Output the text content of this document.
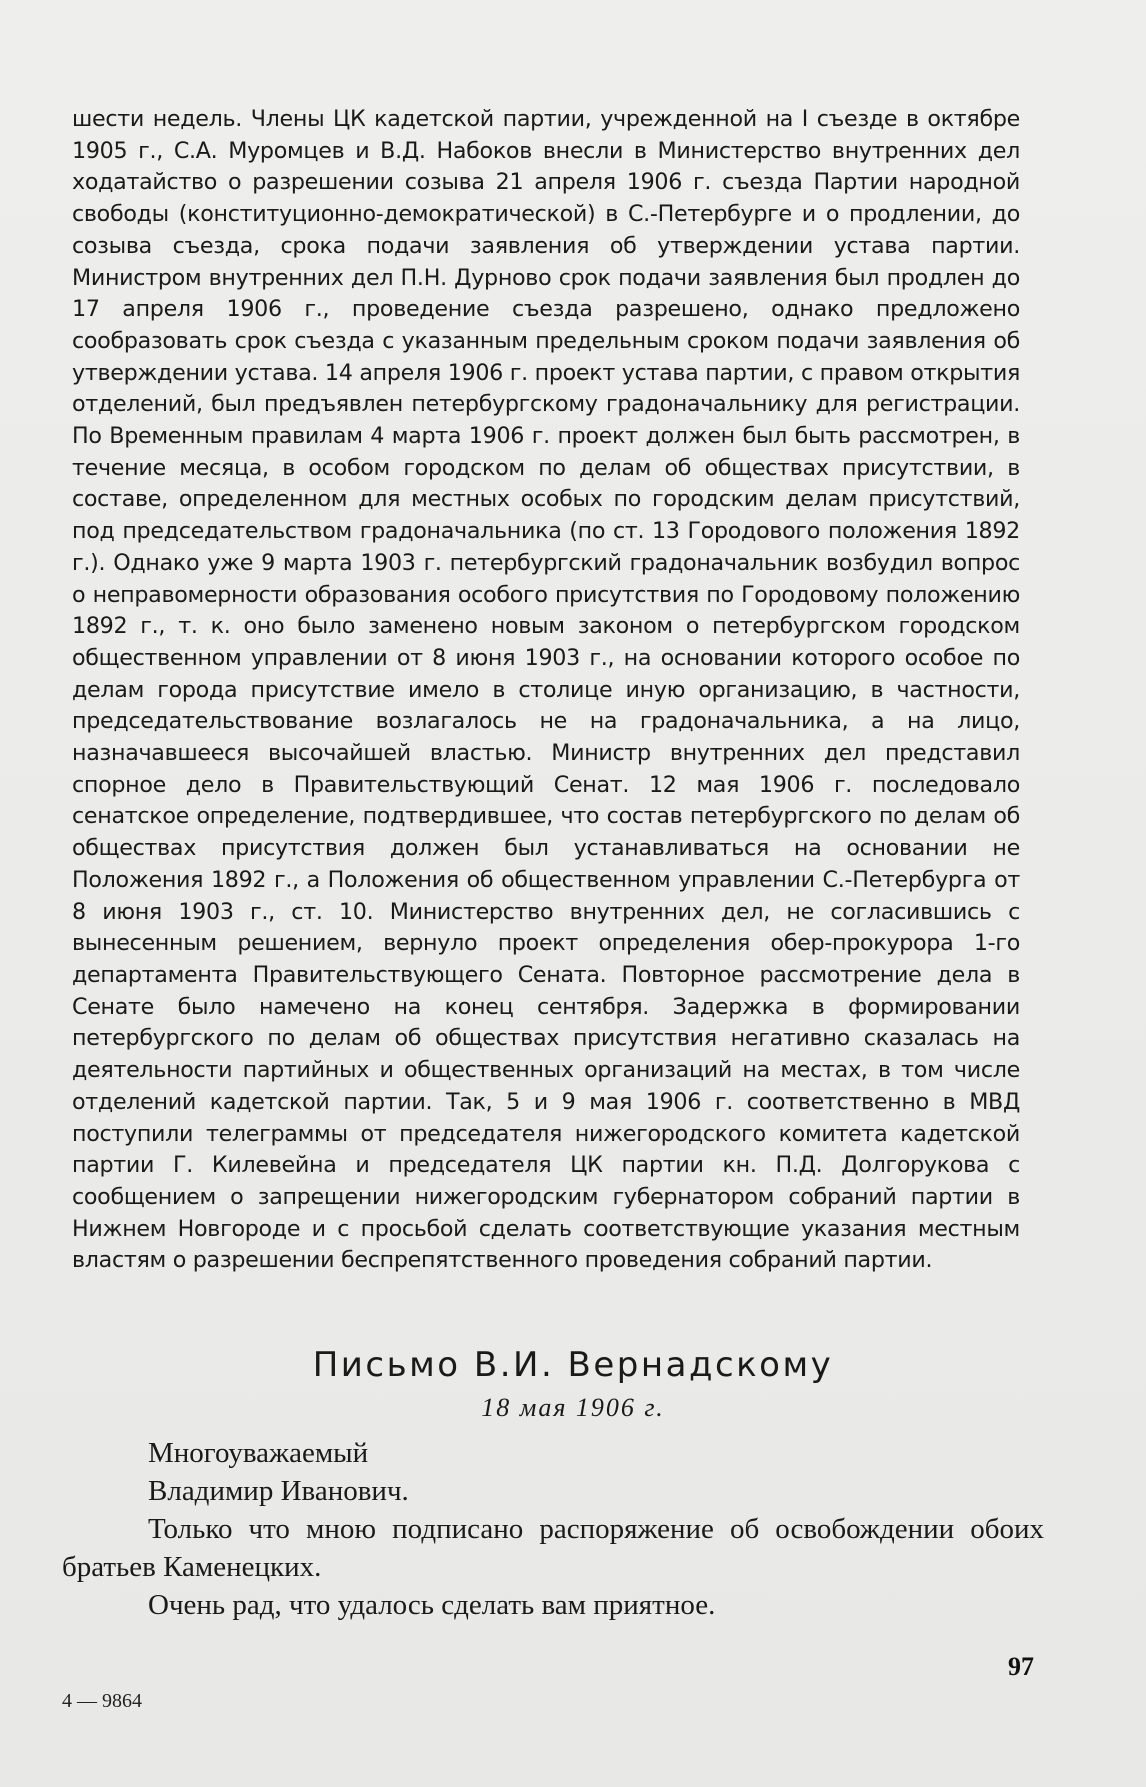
шести недель. Члены ЦК кадетской партии, учрежденной на I съезде в октябре 1905 г., С.А. Муромцев и В.Д. Набоков внесли в Министерство внутренних дел ходатайство о разрешении созыва 21 апреля 1906 г. съезда Партии народной свободы (конституционно-демократической) в С.-Петербурге и о продлении, до созыва съезда, срока подачи заявления об утверждении устава партии. Министром внутренних дел П.Н. Дурново срок подачи заявления был продлен до 17 апреля 1906 г., проведение съезда разрешено, однако предложено сообразовать срок съезда с указанным предельным сроком подачи заявления об утверждении устава. 14 апреля 1906 г. проект устава партии, с правом открытия отделений, был предъявлен петербургскому градоначальнику для регистрации. По Временным правилам 4 марта 1906 г. проект должен был быть рассмотрен, в течение месяца, в особом городском по делам об обществах присутствии, в составе, определенном для местных особых по городским делам присутствий, под председательством градоначальника (по ст. 13 Городового положения 1892 г.). Однако уже 9 марта 1903 г. петербургский градоначальник возбудил вопрос о неправомерности образования особого присутствия по Городовому положению 1892 г., т. к. оно было заменено новым законом о петербургском городском общественном управлении от 8 июня 1903 г., на основании которого особое по делам города присутствие имело в столице иную организацию, в частности, председательствование возлагалось не на градоначальника, а на лицо, назначавшееся высочайшей властью. Министр внутренних дел представил спорное дело в Правительствующий Сенат. 12 мая 1906 г. последовало сенатское определение, подтвердившее, что состав петербургского по делам об обществах присутствия должен был устанавливаться на основании не Положения 1892 г., а Положения об общественном управлении С.-Петербурга от 8 июня 1903 г., ст. 10. Министерство внутренних дел, не согласившись с вынесенным решением, вернуло проект определения обер-прокурора 1-го департамента Правительствующего Сената. Повторное рассмотрение дела в Сенате было намечено на конец сентября. Задержка в формировании петербургского по делам об обществах присутствия негативно сказалась на деятельности партийных и общественных организаций на местах, в том числе отделений кадетской партии. Так, 5 и 9 мая 1906 г. соответственно в МВД поступили телеграммы от председателя нижегородского комитета кадетской партии Г. Килевейна и председателя ЦК партии кн. П.Д. Долгорукова с сообщением о запрещении нижегородским губернатором собраний партии в Нижнем Новгороде и с просьбой сделать соответствующие указания местным властям о разрешении беспрепятственного проведения собраний партии.

Письмо В.И. Вернадскому
18 мая 1906 г.

Многоуважаемый

Владимир Иванович.

Только что мною подписано распоряжение об освобождении обоих братьев Каменецких.

Очень рад, что удалось сделать вам приятное.

4 — 9864
97
